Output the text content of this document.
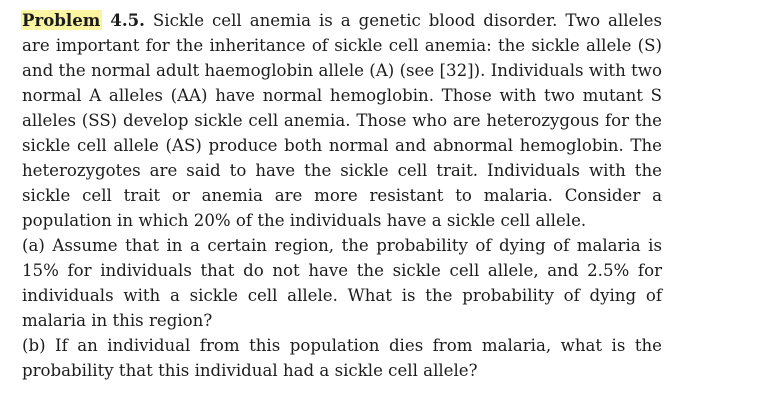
Problem 4.5. Sickle cell anemia is a genetic blood disorder. Two alleles are important for the inheritance of sickle cell anemia: the sickle allele (S) and the normal adult haemoglobin allele (A) (see [32]). Individuals with two normal A alleles (AA) have normal hemoglobin. Those with two mutant S alleles (SS) develop sickle cell anemia. Those who are heterozygous for the sickle cell allele (AS) produce both normal and abnormal hemoglobin. The heterozygotes are said to have the sickle cell trait. Individuals with the sickle cell trait or anemia are more resistant to malaria. Consider a population in which 20% of the individuals have a sickle cell allele.

(a) Assume that in a certain region, the probability of dying of malaria is 15% for individuals that do not have the sickle cell allele, and 2.5% for individuals with a sickle cell allele. What is the probability of dying of malaria in this region?

(b) If an individual from this population dies from malaria, what is the probability that this individual had a sickle cell allele?
